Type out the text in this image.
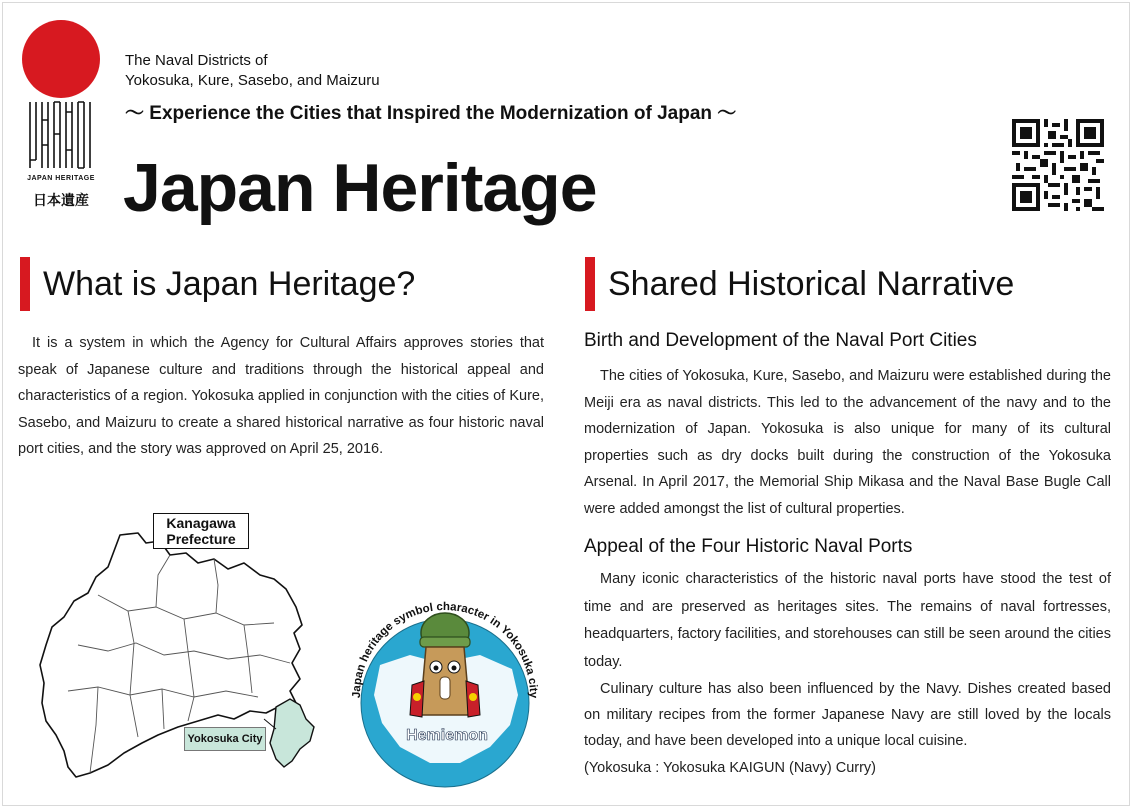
JAPAN HERITAGE
日本遺産
The Naval Districts of
Yokosuka, Kure, Sasebo, and Maizuru
〜 Experience the Cities that Inspired the Modernization of Japan 〜
Japan Heritage
What is Japan Heritage?

It is a system in which the Agency for Cultural Affairs approves stories that speak of Japanese culture and traditions through the historical appeal and characteristics of a region. Yokosuka applied in conjunction with the cities of Kure, Sasebo, and Maizuru to create a shared historical narrative as four historic naval port cities, and the story was approved on April 25, 2016.

Kanagawa Prefecture
Yokosuka City
Japan heritage symbol character in Yokosuka city
Hemiemon
Shared Historical Narrative
Birth and Development of the Naval Port Cities

The cities of Yokosuka, Kure, Sasebo, and Maizuru were established during the Meiji era as naval districts. This led to the advancement of the navy and to the modernization of Japan. Yokosuka is also unique for many of its cultural properties such as dry docks built during the construction of the Yokosuka Arsenal. In April 2017, the Memorial Ship Mikasa and the Naval Base Bugle Call were added amongst the list of cultural properties.

Appeal of the Four Historic Naval Ports

Many iconic characteristics of the historic naval ports have stood the test of time and are preserved as heritages sites. The remains of naval fortresses, headquarters, factory facilities, and storehouses can still be seen around the cities today.

Culinary culture has also been influenced by the Navy. Dishes created based on military recipes from the former Japanese Navy are still loved by the locals today, and have been developed into a unique local cuisine.

(Yokosuka : Yokosuka KAIGUN (Navy) Curry)
